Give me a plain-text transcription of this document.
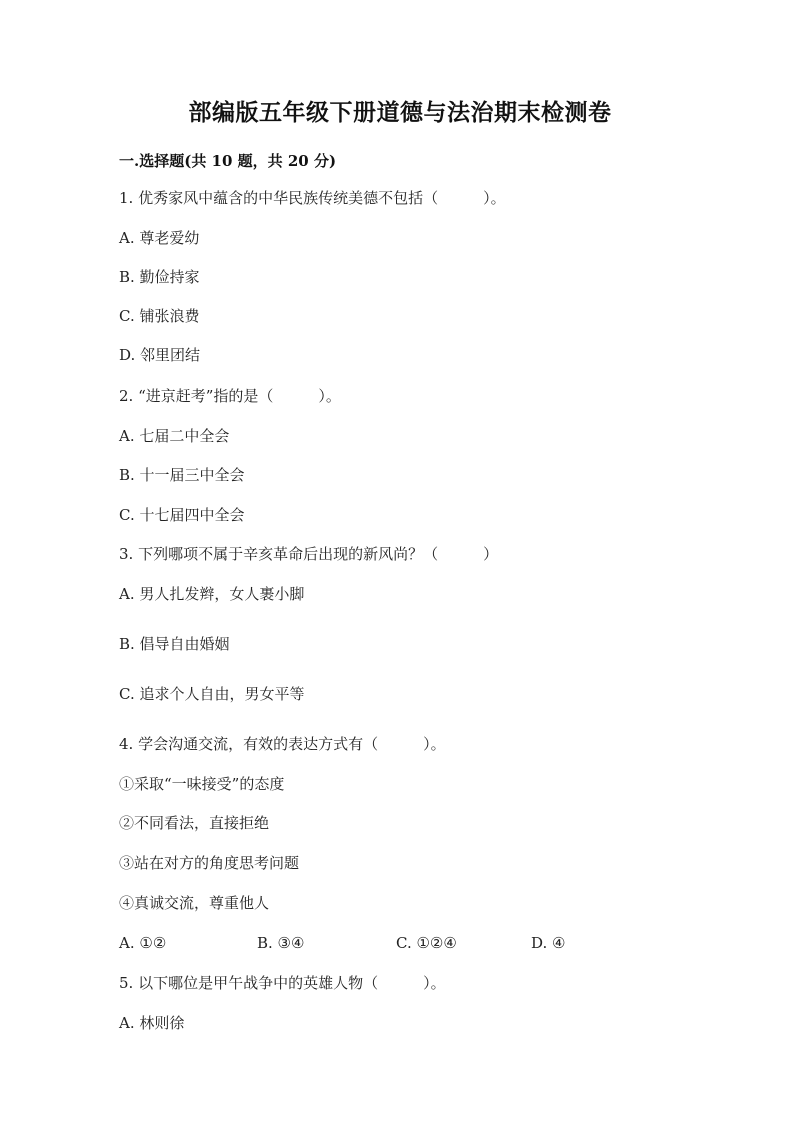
部编版五年级下册道德与法治期末检测卷
一.选择题(共 10 题，共 20 分)
1. 优秀家风中蕴含的中华民族传统美德不包括（　　　）。
A. 尊老爱幼
B. 勤俭持家
C. 铺张浪费
D. 邻里团结
2. “进京赶考”指的是（　　　）。
A. 七届二中全会
B. 十一届三中全会
C. 十七届四中全会
3. 下列哪项不属于辛亥革命后出现的新风尚？（　　　）
A. 男人扎发辫，女人裹小脚
B. 倡导自由婚姻
C. 追求个人自由，男女平等
4. 学会沟通交流，有效的表达方式有（　　　）。
①采取“一味接受”的态度
②不同看法，直接拒绝
③站在对方的角度思考问题
④真诚交流，尊重他人
A. ①②	B. ③④	C. ①②④	D. ④
5. 以下哪位是甲午战争中的英雄人物（　　　）。
A. 林则徐
